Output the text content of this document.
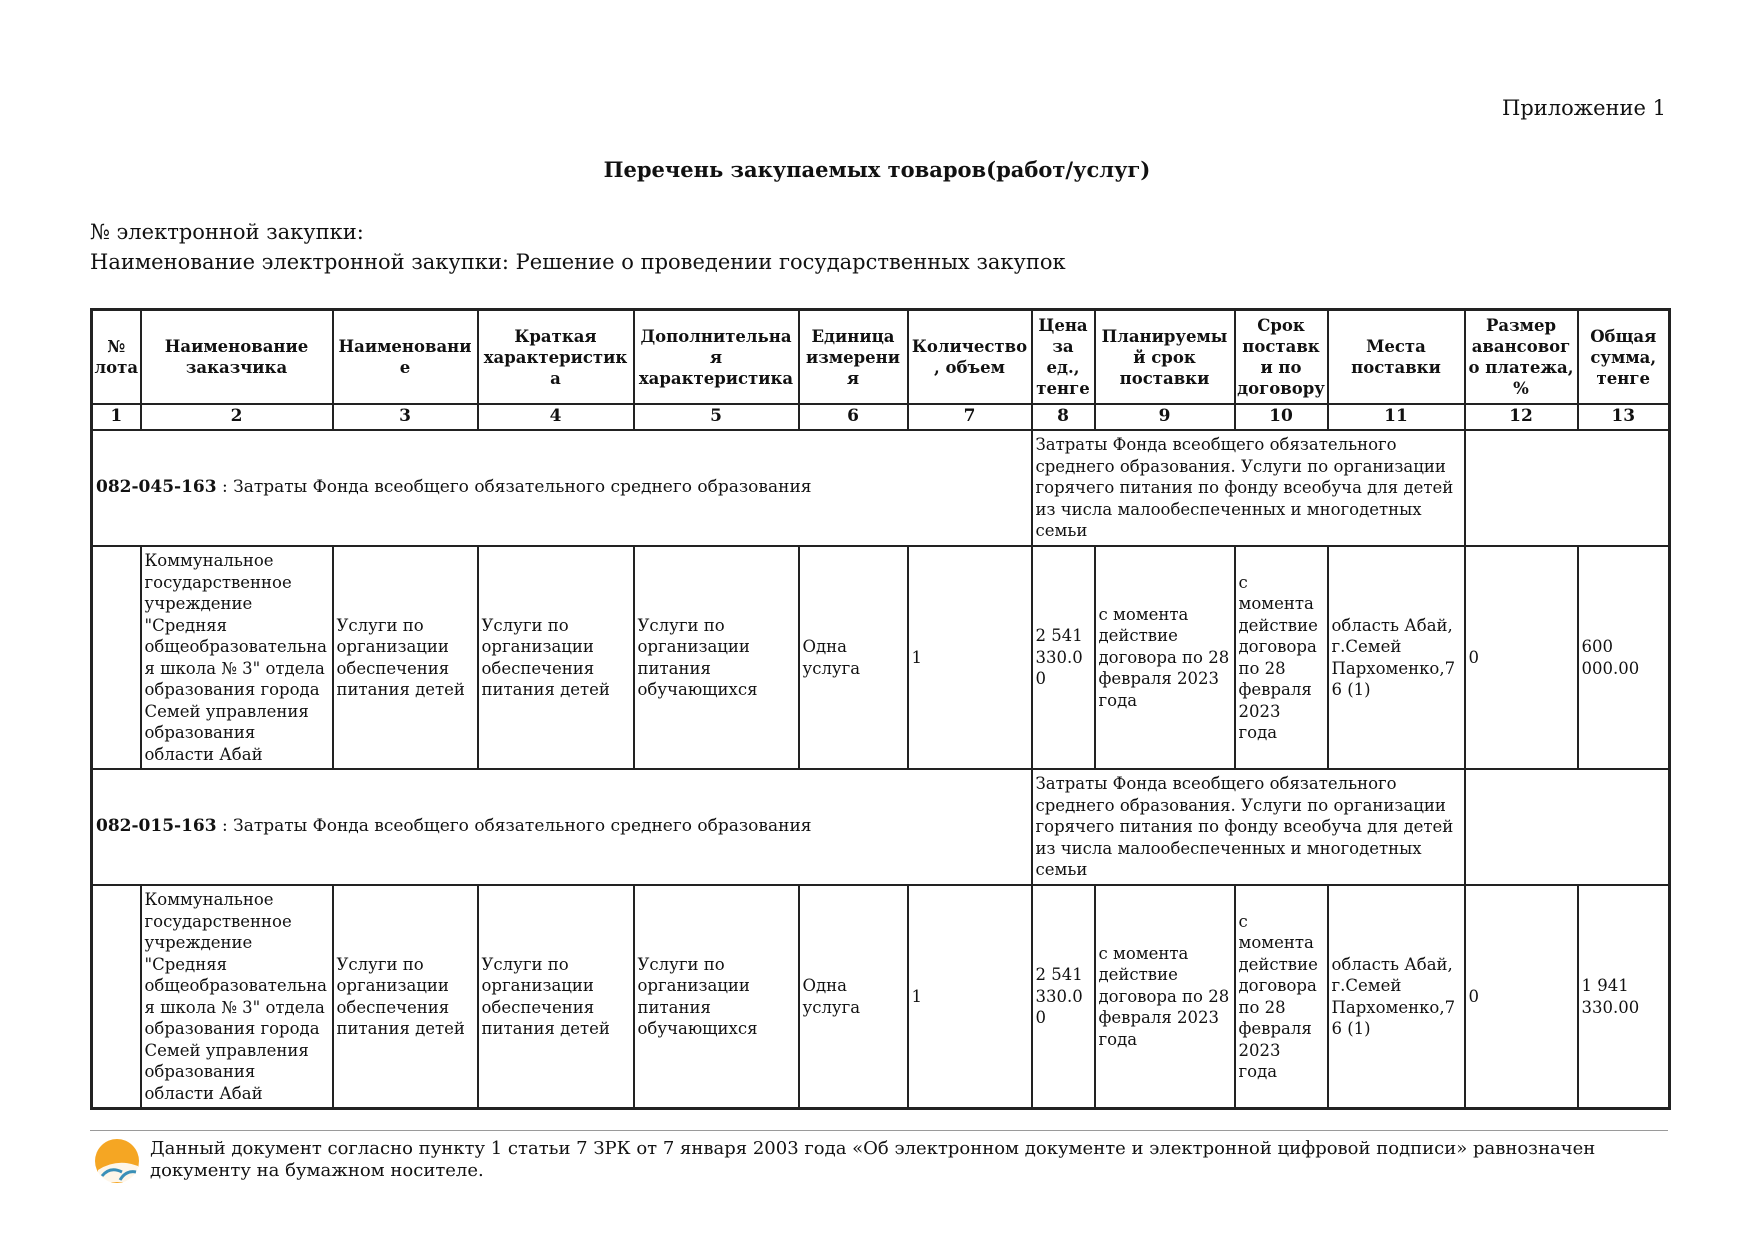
Приложение 1
Перечень закупаемых товаров(работ/услуг)
№ электронной закупки:
Наименование электронной закупки: Решение о проведении государственных закупок
№ лота	Наименование заказчика	Наименование	Краткая характеристика	Дополнительная характеристика	Единица измерения	Количество, объем	Цена за ед., тенге	Планируемый срок поставки	Срок поставки по договору	Места поставки	Размер авансового платежа, %	Общая сумма, тенге
1	2	3	4	5	6	7	8	9	10	11	12	13
082-045-163 : Затраты Фонда всеобщего обязательного среднего образования							Затраты Фонда всеобщего обязательного среднего образования. Услуги по организации горячего питания по фонду всеобуча для детей из числа малообеспеченных и многодетных семьи					
	Коммунальное государственное учреждение "Средняя общеобразовательная школа № 3" отдела образования города Семей управления образования области Абай	Услуги по организации обеспечения питания детей	Услуги по организации обеспечения питания детей	Услуги по организации питания обучающихся	Одна услуга	1	2 541 330.00	с момента действие договора по 28 февраля 2023 года	с момента действие договора по 28 февраля 2023 года	область Абай, г.Семей Пархоменко,76 (1)	0	600 000.00
082-015-163 : Затраты Фонда всеобщего обязательного среднего образования							Затраты Фонда всеобщего обязательного среднего образования. Услуги по организации горячего питания по фонду всеобуча для детей из числа малообеспеченных и многодетных семьи					
	Коммунальное государственное учреждение "Средняя общеобразовательная школа № 3" отдела образования города Семей управления образования области Абай	Услуги по организации обеспечения питания детей	Услуги по организации обеспечения питания детей	Услуги по организации питания обучающихся	Одна услуга	1	2 541 330.00	с момента действие договора по 28 февраля 2023 года	с момента действие договора по 28 февраля 2023 года	область Абай, г.Семей Пархоменко,76 (1)	0	1 941 330.00
Данный документ согласно пункту 1 статьи 7 ЗРК от 7 января 2003 года «Об электронном документе и электронной цифровой подписи» равнозначен документу на бумажном носителе.
